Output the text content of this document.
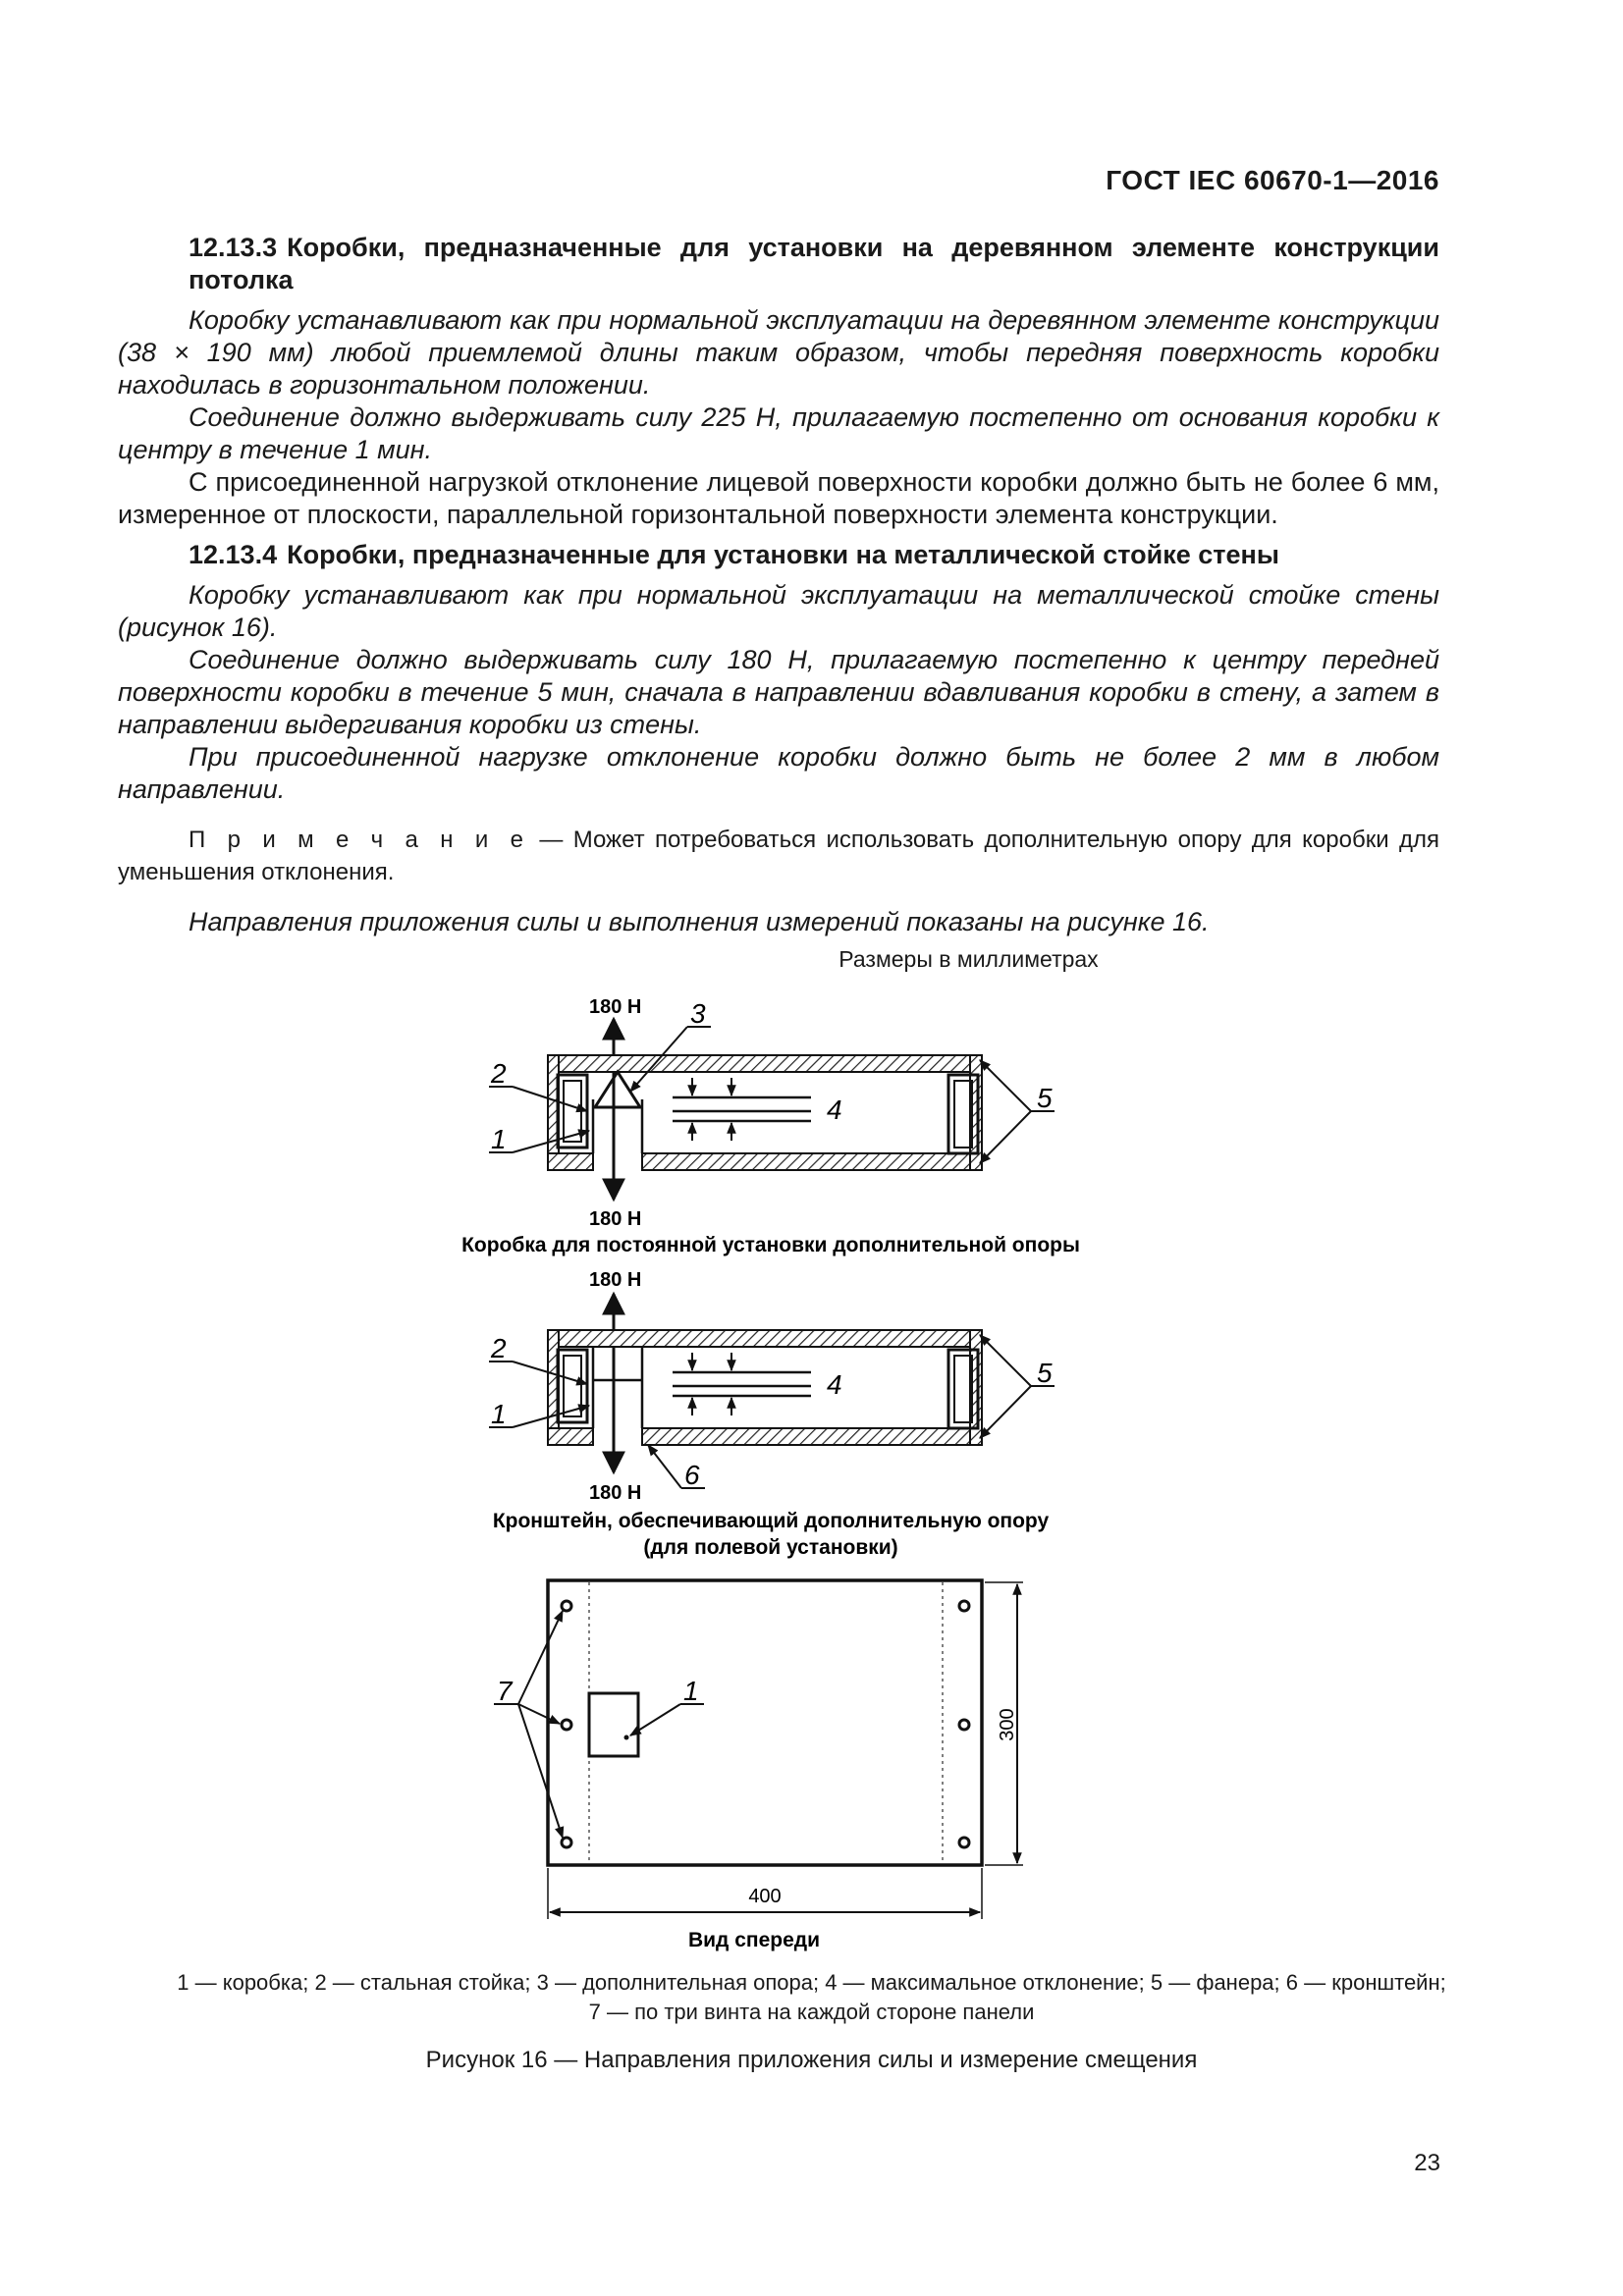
ГОСТ IEC 60670-1—2016

12.13.3 Коробки, предназначенные для установки на деревянном элементе конструкции потолка

Коробку устанавливают как при нормальной эксплуатации на деревянном элементе конструкции (38 × 190 мм) любой приемлемой длины таким образом, чтобы передняя поверхность коробки находилась в горизонтальном положении.

Соединение должно выдерживать силу 225 Н, прилагаемую постепенно от основания коробки к центру в течение 1 мин.

С присоединенной нагрузкой отклонение лицевой поверхности коробки должно быть не более 6 мм, измеренное от плоскости, параллельной горизонтальной поверхности элемента конструкции.

12.13.4 Коробки, предназначенные для установки на металлической стойке стены

Коробку устанавливают как при нормальной эксплуатации на металлической стойке стены (рисунок 16).

Соединение должно выдерживать силу 180 Н, прилагаемую постепенно к центру передней поверхности коробки в течение 5 мин, сначала в направлении вдавливания коробки в стену, а затем в направлении выдергивания коробки из стены.

При присоединенной нагрузке отклонение коробки должно быть не более 2 мм в любом направлении.

П р и м е ч а н и е — Может потребоваться использовать дополнительную опору для коробки для уменьшения отклонения.

Направления приложения силы и выполнения измерений показаны на рисунке 16.

Размеры в миллиметрах
180 Н
180 Н
4
2
1
3
5
Коробка для постоянной установки дополнительной опоры
180 Н
180 Н
4
2
1
5
6
Кронштейн, обеспечивающий дополнительную опору
(для полевой установки)
1
7
300
400
Вид спереди
1 — коробка; 2 — стальная стойка; 3 — дополнительная опора; 4 — максимальное отклонение; 5 — фанера; 6 — кронштейн;
7 — по три винта на каждой стороне панели
Рисунок 16 — Направления приложения силы и измерение смещения
23
